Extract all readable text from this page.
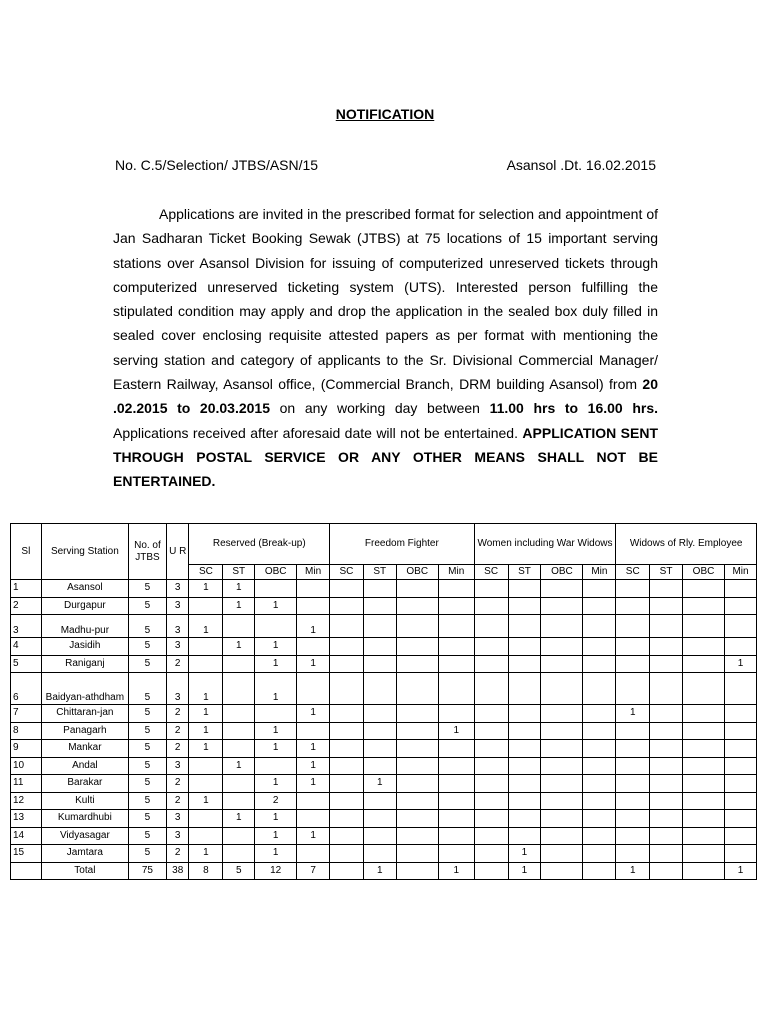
NOTIFICATION
No. C.5/Selection/ JTBS/ASN/15	Asansol .Dt. 16.02.2015

Applications are invited in the prescribed format for selection and appointment of Jan Sadharan Ticket Booking Sewak (JTBS) at 75 locations of 15 important serving stations over Asansol Division for issuing of computerized unreserved tickets through computerized unreserved ticketing system (UTS). Interested person fulfilling the stipulated condition may apply and drop the application in the sealed box duly filled in sealed cover enclosing requisite attested papers as per format with mentioning the serving station and category of applicants to the Sr. Divisional Commercial Manager/ Eastern Railway, Asansol office, (Commercial Branch, DRM building Asansol) from 20 .02.2015 to 20.03.2015 on any working day between 11.00 hrs to 16.00 hrs. Applications received after aforesaid date will not be entertained. APPLICATION SENT THROUGH POSTAL SERVICE OR ANY OTHER MEANS SHALL NOT BE ENTERTAINED.

Sl	Serving Station	No. of JTBS	U R	Reserved (Break-up)				Freedom Fighter				Women including War Widows				Widows of Rly. Employee			
				SC	ST	OBC	Min	SC	ST	OBC	Min	SC	ST	OBC	Min	SC	ST	OBC	Min
1	Asansol	5	3	1	1														
2	Durgapur	5	3		1	1													
3	Madhu-pur	5	3	1			1												
4	Jasidih	5	3		1	1													
5	Raniganj	5	2			1	1												1
6	Baidyan-athdham	5	3	1		1													
7	Chittaran-jan	5	2	1			1									1			
8	Panagarh	5	2	1		1					1								
9	Mankar	5	2	1		1	1												
10	Andal	5	3		1		1												
11	Barakar	5	2			1	1		1										
12	Kulti	5	2	1		2													
13	Kumardhubi	5	3		1	1													
14	Vidyasagar	5	3			1	1												
15	Jamtara	5	2	1		1							1						
	Total	75	38	8	5	12	7		1		1		1			1			1
